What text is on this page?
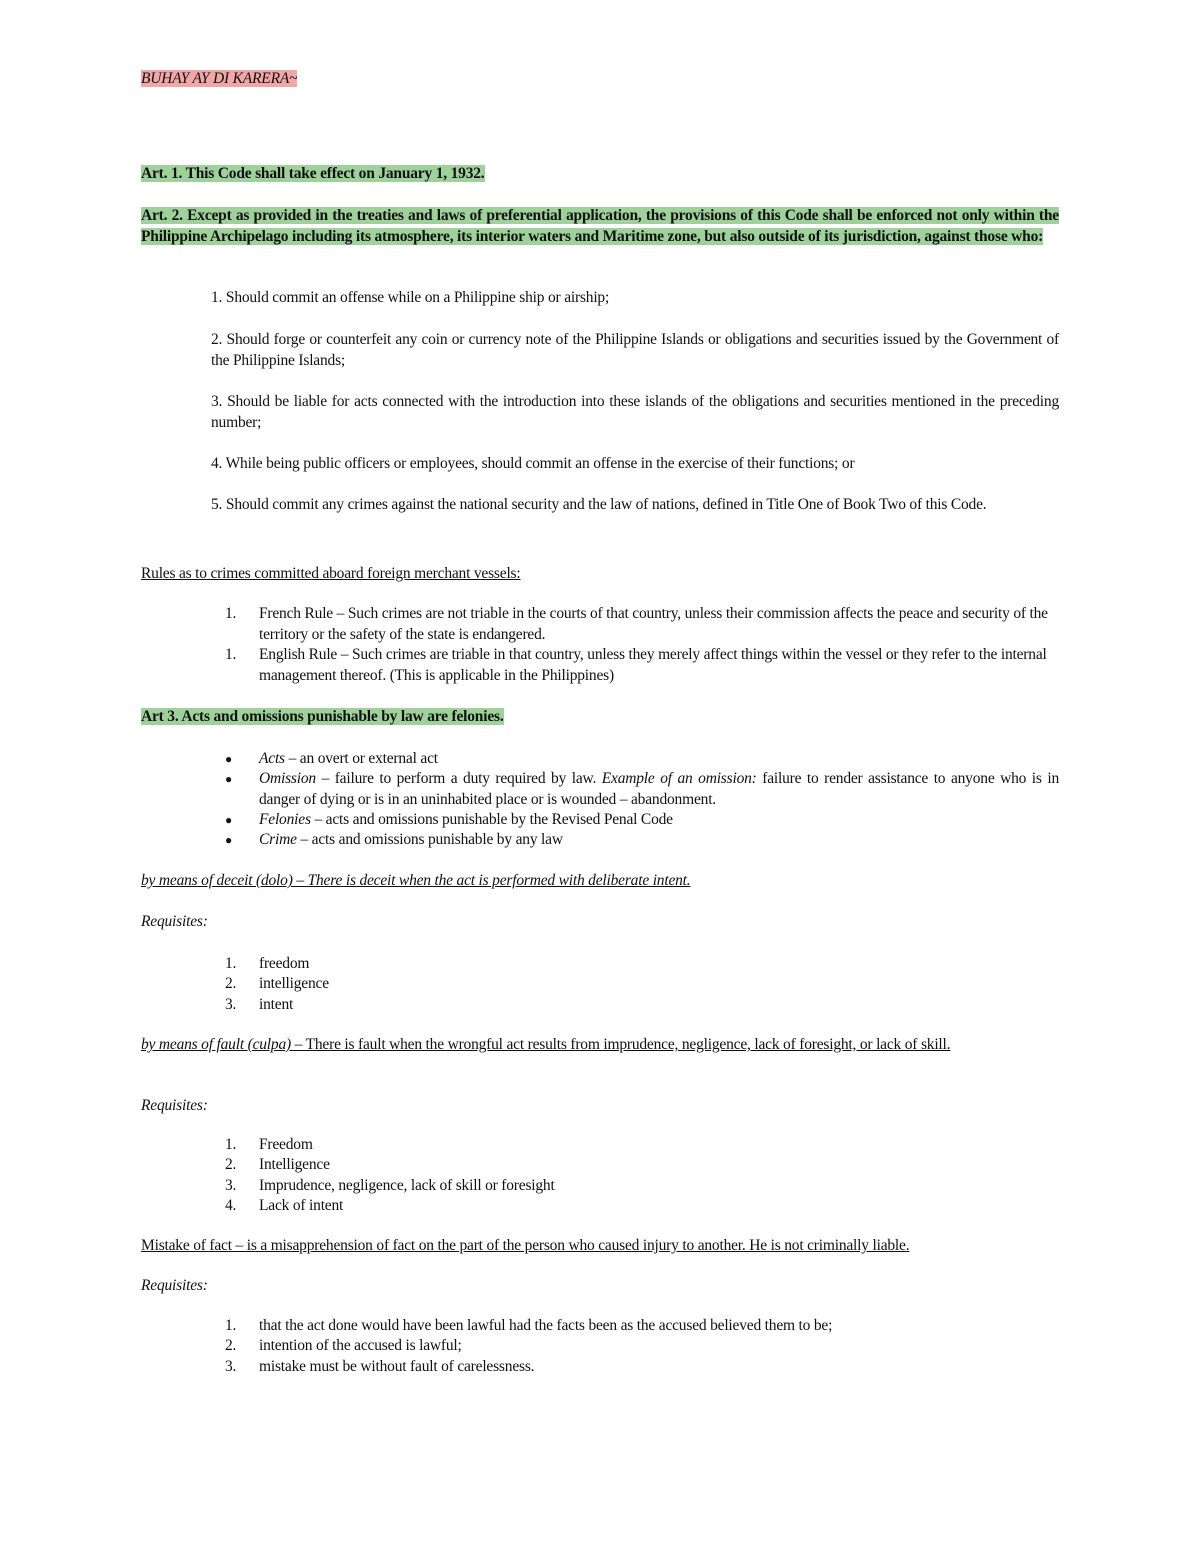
BUHAY AY DI KARERA~
Art. 1. This Code shall take effect on January 1, 1932.
Art. 2. Except as provided in the treaties and laws of preferential application, the provisions of this Code shall be enforced not only within the Philippine Archipelago including its atmosphere, its interior waters and Maritime zone, but also outside of its jurisdiction, against those who:
1. Should commit an offense while on a Philippine ship or airship;
2. Should forge or counterfeit any coin or currency note of the Philippine Islands or obligations and securities issued by the Government of the Philippine Islands;
3. Should be liable for acts connected with the introduction into these islands of the obligations and securities mentioned in the preceding number;
4. While being public officers or employees, should commit an offense in the exercise of their functions; or
5. Should commit any crimes against the national security and the law of nations, defined in Title One of Book Two of this Code.
Rules as to crimes committed aboard foreign merchant vessels:
1. French Rule – Such crimes are not triable in the courts of that country, unless their commission affects the peace and security of the territory or the safety of the state is endangered.
1. English Rule – Such crimes are triable in that country, unless they merely affect things within the vessel or they refer to the internal management thereof. (This is applicable in the Philippines)
Art 3. Acts and omissions punishable by law are felonies.
● Acts – an overt or external act
● Omission – failure to perform a duty required by law. Example of an omission: failure to render assistance to anyone who is in danger of dying or is in an uninhabited place or is wounded – abandonment.
● Felonies – acts and omissions punishable by the Revised Penal Code
● Crime – acts and omissions punishable by any law
by means of deceit (dolo) – There is deceit when the act is performed with deliberate intent.
Requisites:
1. freedom
2. intelligence
3. intent
by means of fault (culpa) – There is fault when the wrongful act results from imprudence, negligence, lack of foresight, or lack of skill.
Requisites:
1. Freedom
2. Intelligence
3. Imprudence, negligence, lack of skill or foresight
4. Lack of intent
Mistake of fact – is a misapprehension of fact on the part of the person who caused injury to another. He is not criminally liable.
Requisites:
1. that the act done would have been lawful had the facts been as the accused believed them to be;
2. intention of the accused is lawful;
3. mistake must be without fault of carelessness.
